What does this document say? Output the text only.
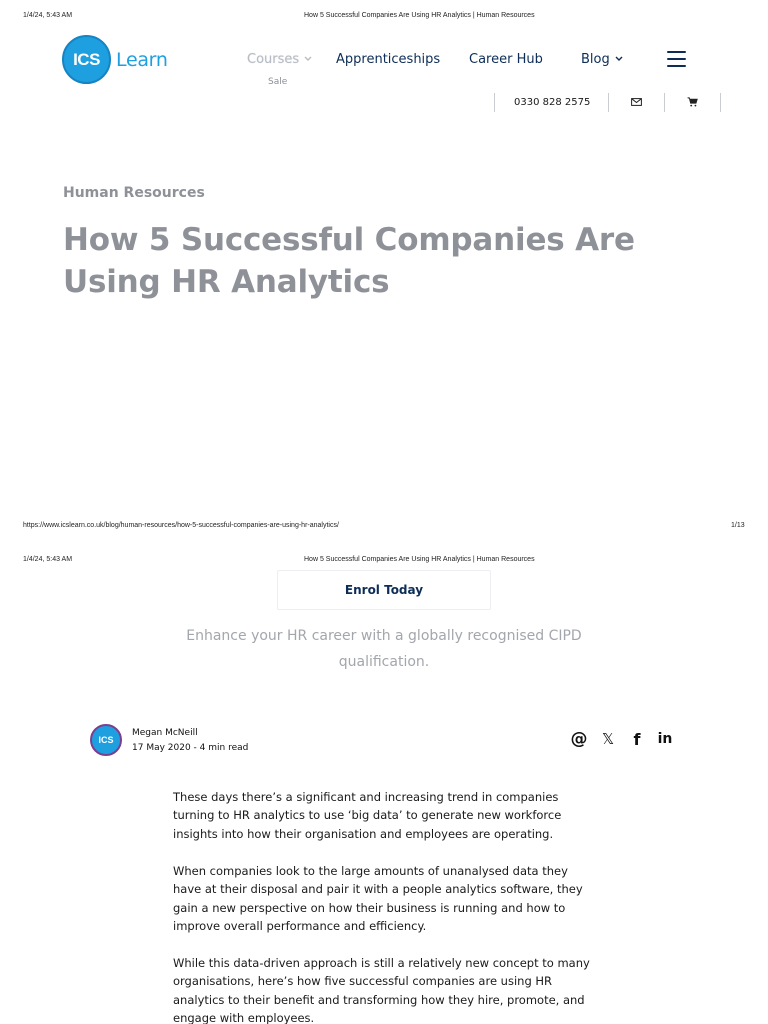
1/4/24, 5:43 AM	How 5 Successful Companies Are Using HR Analytics | Human Resources
ICS Learn	Courses
Sale
Apprenticeships Career Hub	Blog
0330 828 2575
Human Resources
How 5 Successful Companies Are Using HR Analytics
https://www.icslearn.co.uk/blog/human-resources/how-5-successful-companies-are-using-hr-analytics/	1/13
1/4/24, 5:43 AM	How 5 Successful Companies Are Using HR Analytics | Human Resources
Enrol Today

Enhance your HR career with a globally recognised CIPD qualification.

ICS
Megan McNeill
17 May 2020 - 4 min read	@ 𝕏	f	in

These days there’s a significant and increasing trend in companies turning to HR analytics to use ‘big data’ to generate new workforce insights into how their organisation and employees are operating.

When companies look to the large amounts of unanalysed data they have at their disposal and pair it with a people analytics software, they gain a new perspective on how their business is running and how to improve overall performance and efficiency.

While this data-driven approach is still a relatively new concept to many organisations, here’s how five successful companies are using HR analytics to their benefit and transforming how they hire, promote, and engage with employees.
